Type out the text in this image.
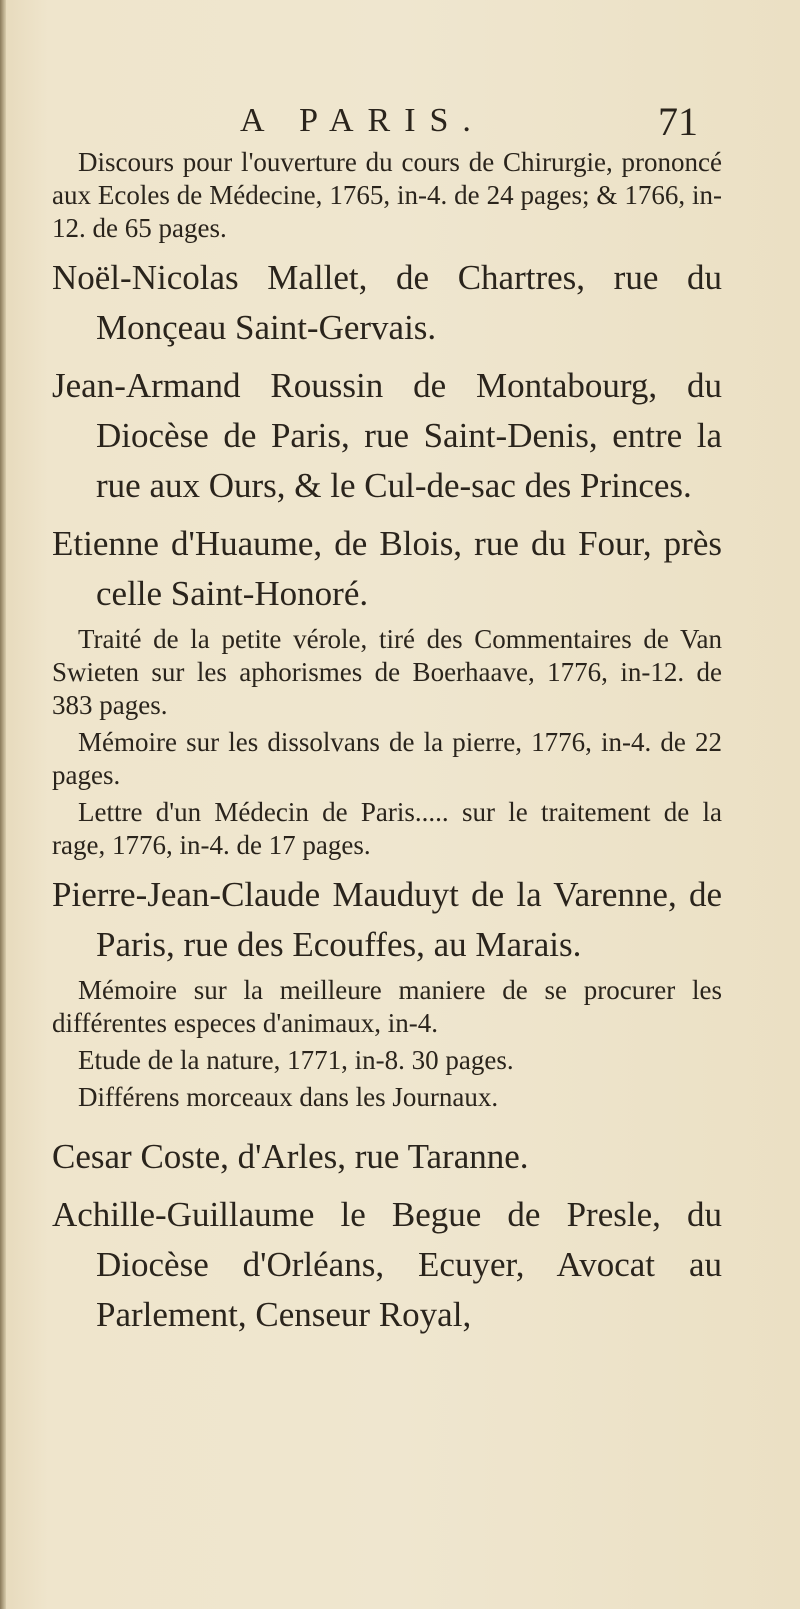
A PARIS.	71

Discours pour l'ouverture du cours de Chirurgie, prononcé aux Ecoles de Médecine, 1765, in-4. de 24 pages; & 1766, in-12. de 65 pages.

Noël-Nicolas Mallet, de Chartres, rue du Monçeau Saint-Gervais.

Jean-Armand Roussin de Montabourg, du Diocèse de Paris, rue Saint-Denis, entre la rue aux Ours, & le Cul-de-sac des Princes.

Etienne d'Huaume, de Blois, rue du Four, près celle Saint-Honoré.

Traité de la petite vérole, tiré des Commentaires de Van Swieten sur les aphorismes de Boerhaave, 1776, in-12. de 383 pages.

Mémoire sur les dissolvans de la pierre, 1776, in-4. de 22 pages.

Lettre d'un Médecin de Paris..... sur le traitement de la rage, 1776, in-4. de 17 pages.

Pierre-Jean-Claude Mauduyt de la Varenne, de Paris, rue des Ecouffes, au Marais.

Mémoire sur la meilleure maniere de se procurer les différentes especes d'animaux, in-4.

Etude de la nature, 1771, in-8. 30 pages.

Différens morceaux dans les Journaux.

Cesar Coste, d'Arles, rue Taranne.

Achille-Guillaume le Begue de Presle, du Diocèse d'Orléans, Ecuyer, Avocat au Parlement, Censeur Royal,
